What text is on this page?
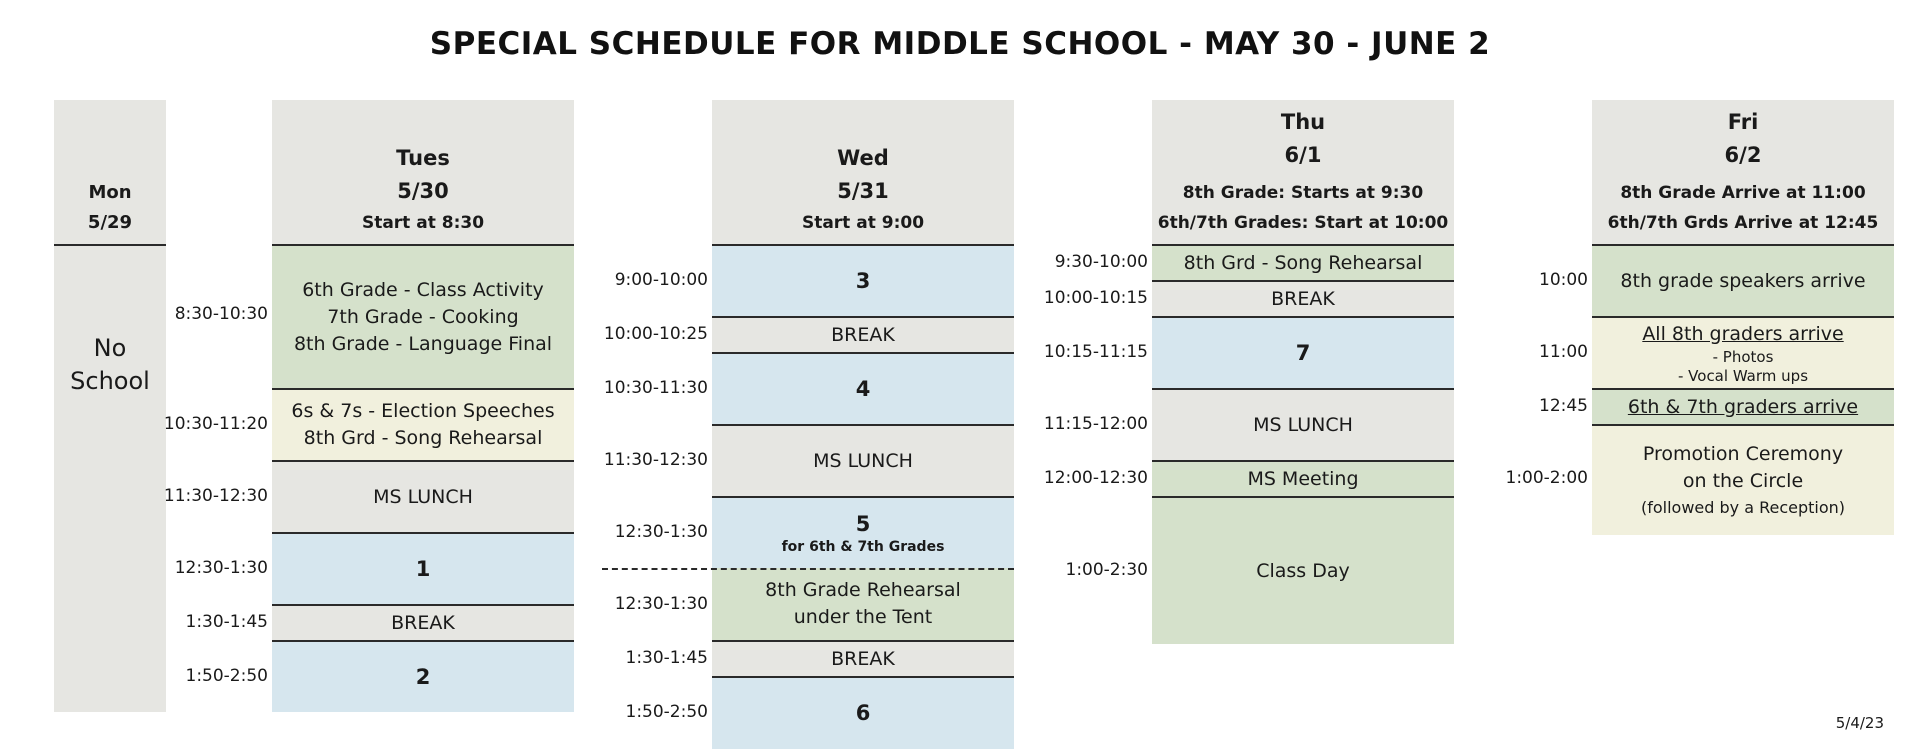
SPECIAL SCHEDULE FOR MIDDLE SCHOOL - MAY 30 - JUNE 2
Mon
5/29
No
School
Tues
5/30
Start at 8:30
6th Grade - Class Activity
7th Grade - Cooking
8th Grade - Language Final
6s & 7s - Election Speeches
8th Grd - Song Rehearsal
MS LUNCH
1
BREAK
2
8:30-10:30
10:30-11:20
11:30-12:30
12:30-1:30
1:30-1:45
1:50-2:50
Wed
5/31
Start at 9:00
3
BREAK
4
MS LUNCH
5
for 6th & 7th Grades
8th Grade Rehearsal
under the Tent
BREAK
6
9:00-10:00
10:00-10:25
10:30-11:30
11:30-12:30
12:30-1:30
12:30-1:30
1:30-1:45
1:50-2:50
Thu
6/1
8th Grade: Starts at 9:30
6th/7th Grades: Start at 10:00
8th Grd - Song Rehearsal
BREAK
7
MS LUNCH
MS Meeting
Class Day
9:30-10:00
10:00-10:15
10:15-11:15
11:15-12:00
12:00-12:30
1:00-2:30
Fri
6/2
8th Grade Arrive at 11:00
6th/7th Grds Arrive at 12:45
8th grade speakers arrive
All 8th graders arrive
- Photos
- Vocal Warm ups
6th & 7th graders arrive
Promotion Ceremony
on the Circle
(followed by a Reception)
10:00
11:00
12:45
1:00-2:00
5/4/23
